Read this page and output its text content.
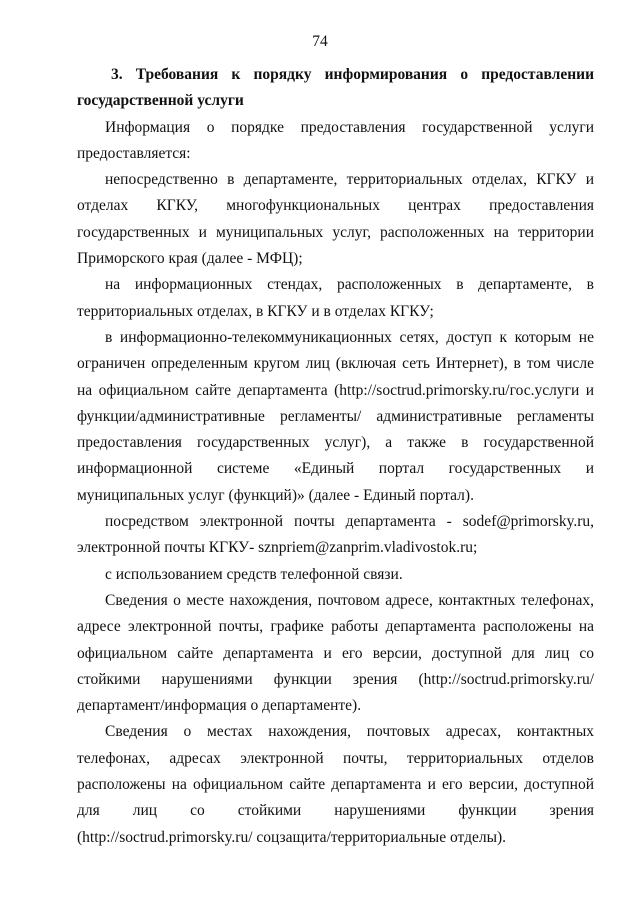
74

3. Требования к порядку информирования о предоставлении государственной услуги

Информация о порядке предоставления государственной услуги предоставляется:

непосредственно в департаменте, территориальных отделах, КГКУ и отделах КГКУ, многофункциональных центрах предоставления государственных и муниципальных услуг, расположенных на территории Приморского края (далее - МФЦ);

на информационных стендах, расположенных в департаменте, в территориальных отделах, в КГКУ и в отделах КГКУ;

в информационно-телекоммуникационных сетях, доступ к которым не ограничен определенным кругом лиц (включая сеть Интернет), в том числе на официальном сайте департамента (http://soctrud.primorsky.ru/гос.услуги и функции/административные регламенты/ административные регламенты предоставления государственных услуг), а также в государственной информационной системе «Единый портал государственных и муниципальных услуг (функций)» (далее - Единый портал).

посредством электронной почты департамента - sodef@primorsky.ru, электронной почты КГКУ- sznpriem@zanprim.vladivostok.ru;

с использованием средств телефонной связи.

Сведения о месте нахождения, почтовом адресе, контактных телефонах, адресе электронной почты, графике работы департамента расположены на официальном сайте департамента и его версии, доступной для лиц со стойкими нарушениями функции зрения (http://soctrud.primorsky.ru/ департамент/информация о департаменте).

Сведения о местах нахождения, почтовых адресах, контактных телефонах, адресах электронной почты, территориальных отделов расположены на официальном сайте департамента и его версии, доступной для лиц со стойкими нарушениями функции зрения (http://soctrud.primorsky.ru/ соцзащита/территориальные отделы).
